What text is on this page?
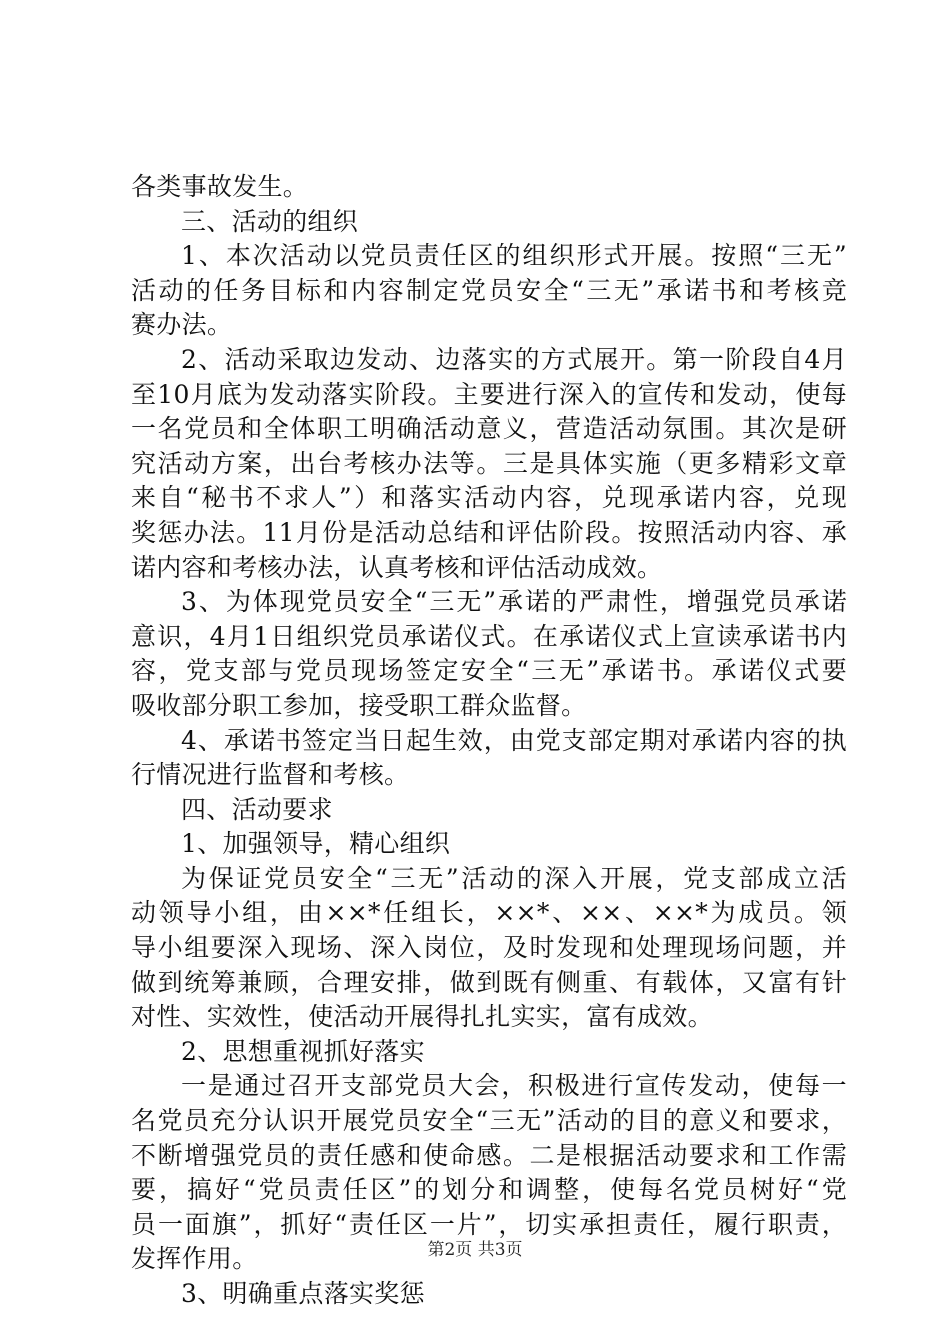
各类事故发生。
三、活动的组织
1、本次活动以党员责任区的组织形式开展。按照“三无”
活动的任务目标和内容制定党员安全“三无”承诺书和考核竞
赛办法。
2、活动采取边发动、边落实的方式展开。第一阶段自4月
至10月底为发动落实阶段。主要进行深入的宣传和发动，使每
一名党员和全体职工明确活动意义，营造活动氛围。其次是研
究活动方案，出台考核办法等。三是具体实施（更多精彩文章
来自“秘书不求人”）和落实活动内容，兑现承诺内容，兑现
奖惩办法。11月份是活动总结和评估阶段。按照活动内容、承
诺内容和考核办法，认真考核和评估活动成效。
3、为体现党员安全“三无”承诺的严肃性，增强党员承诺
意识，4月1日组织党员承诺仪式。在承诺仪式上宣读承诺书内
容，党支部与党员现场签定安全“三无”承诺书。承诺仪式要
吸收部分职工参加，接受职工群众监督。
4、承诺书签定当日起生效，由党支部定期对承诺内容的执
行情况进行监督和考核。
四、活动要求
1、加强领导，精心组织
为保证党员安全“三无”活动的深入开展，党支部成立活
动领导小组，由××*任组长，××*、××、××*为成员。领
导小组要深入现场、深入岗位，及时发现和处理现场问题，并
做到统筹兼顾，合理安排，做到既有侧重、有载体，又富有针
对性、实效性，使活动开展得扎扎实实，富有成效。
2、思想重视抓好落实
一是通过召开支部党员大会，积极进行宣传发动，使每一
名党员充分认识开展党员安全“三无”活动的目的意义和要求，
不断增强党员的责任感和使命感。二是根据活动要求和工作需
要，搞好“党员责任区”的划分和调整，使每名党员树好“党
员一面旗”，抓好“责任区一片”，切实承担责任，履行职责，
发挥作用。
3、明确重点落实奖惩
第2页 共3页
